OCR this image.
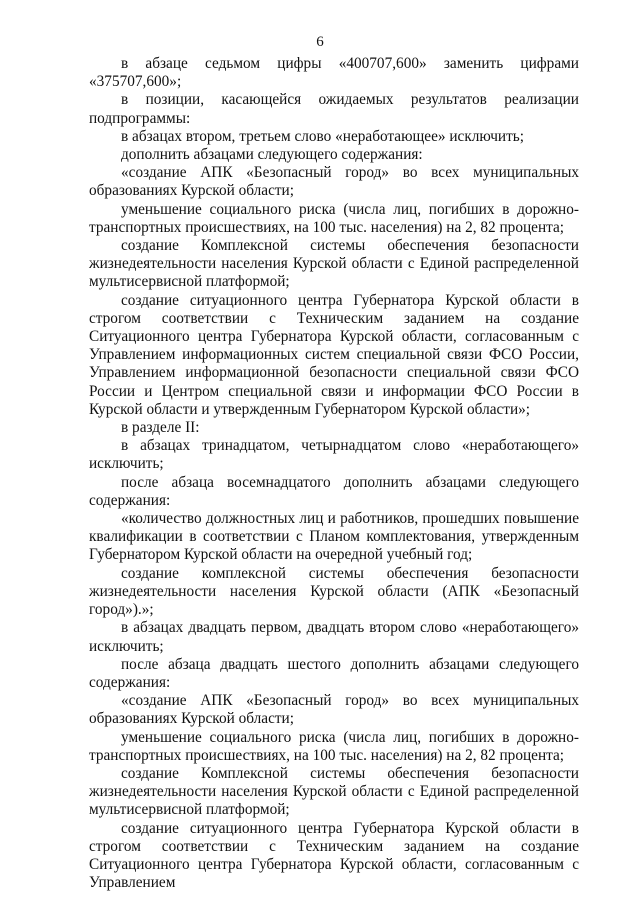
6

в абзаце седьмом цифры «400707,600» заменить цифрами «375707,600»;

в позиции, касающейся ожидаемых результатов реализации подпрограммы:

в абзацах втором, третьем слово «неработающее» исключить;

дополнить абзацами следующего содержания:

«создание АПК «Безопасный город» во всех муниципальных образованиях Курской области;

уменьшение социального риска (числа лиц, погибших в дорожно-транспортных происшествиях, на 100 тыс. населения) на 2, 82 процента;

создание Комплексной системы обеспечения безопасности жизнедеятельности населения Курской области с Единой распределенной мультисервисной платформой;

создание ситуационного центра Губернатора Курской области в строгом соответствии с Техническим заданием на создание Ситуационного центра Губернатора Курской области, согласованным с Управлением информационных систем специальной связи ФСО России, Управлением информационной безопасности специальной связи ФСО России и Центром специальной связи и информации ФСО России в Курской области и утвержденным Губернатором Курской области»;

в разделе II:

в абзацах тринадцатом, четырнадцатом слово «неработающего» исключить;

после абзаца восемнадцатого дополнить абзацами следующего содержания:

«количество должностных лиц и работников, прошедших повышение квалификации в соответствии с Планом комплектования, утвержденным Губернатором Курской области на очередной учебный год;

создание комплексной системы обеспечения безопасности жизнедеятельности населения Курской области (АПК «Безопасный город»).»;

в абзацах двадцать первом, двадцать втором слово «неработающего» исключить;

после абзаца двадцать шестого дополнить абзацами следующего содержания:

«создание АПК «Безопасный город» во всех муниципальных образованиях Курской области;

уменьшение социального риска (числа лиц, погибших в дорожно-транспортных происшествиях, на 100 тыс. населения) на 2, 82 процента;

создание Комплексной системы обеспечения безопасности жизнедеятельности населения Курской области с Единой распределенной мультисервисной платформой;

создание ситуационного центра Губернатора Курской области в строгом соответствии с Техническим заданием на создание Ситуационного центра Губернатора Курской области, согласованным с Управлением
